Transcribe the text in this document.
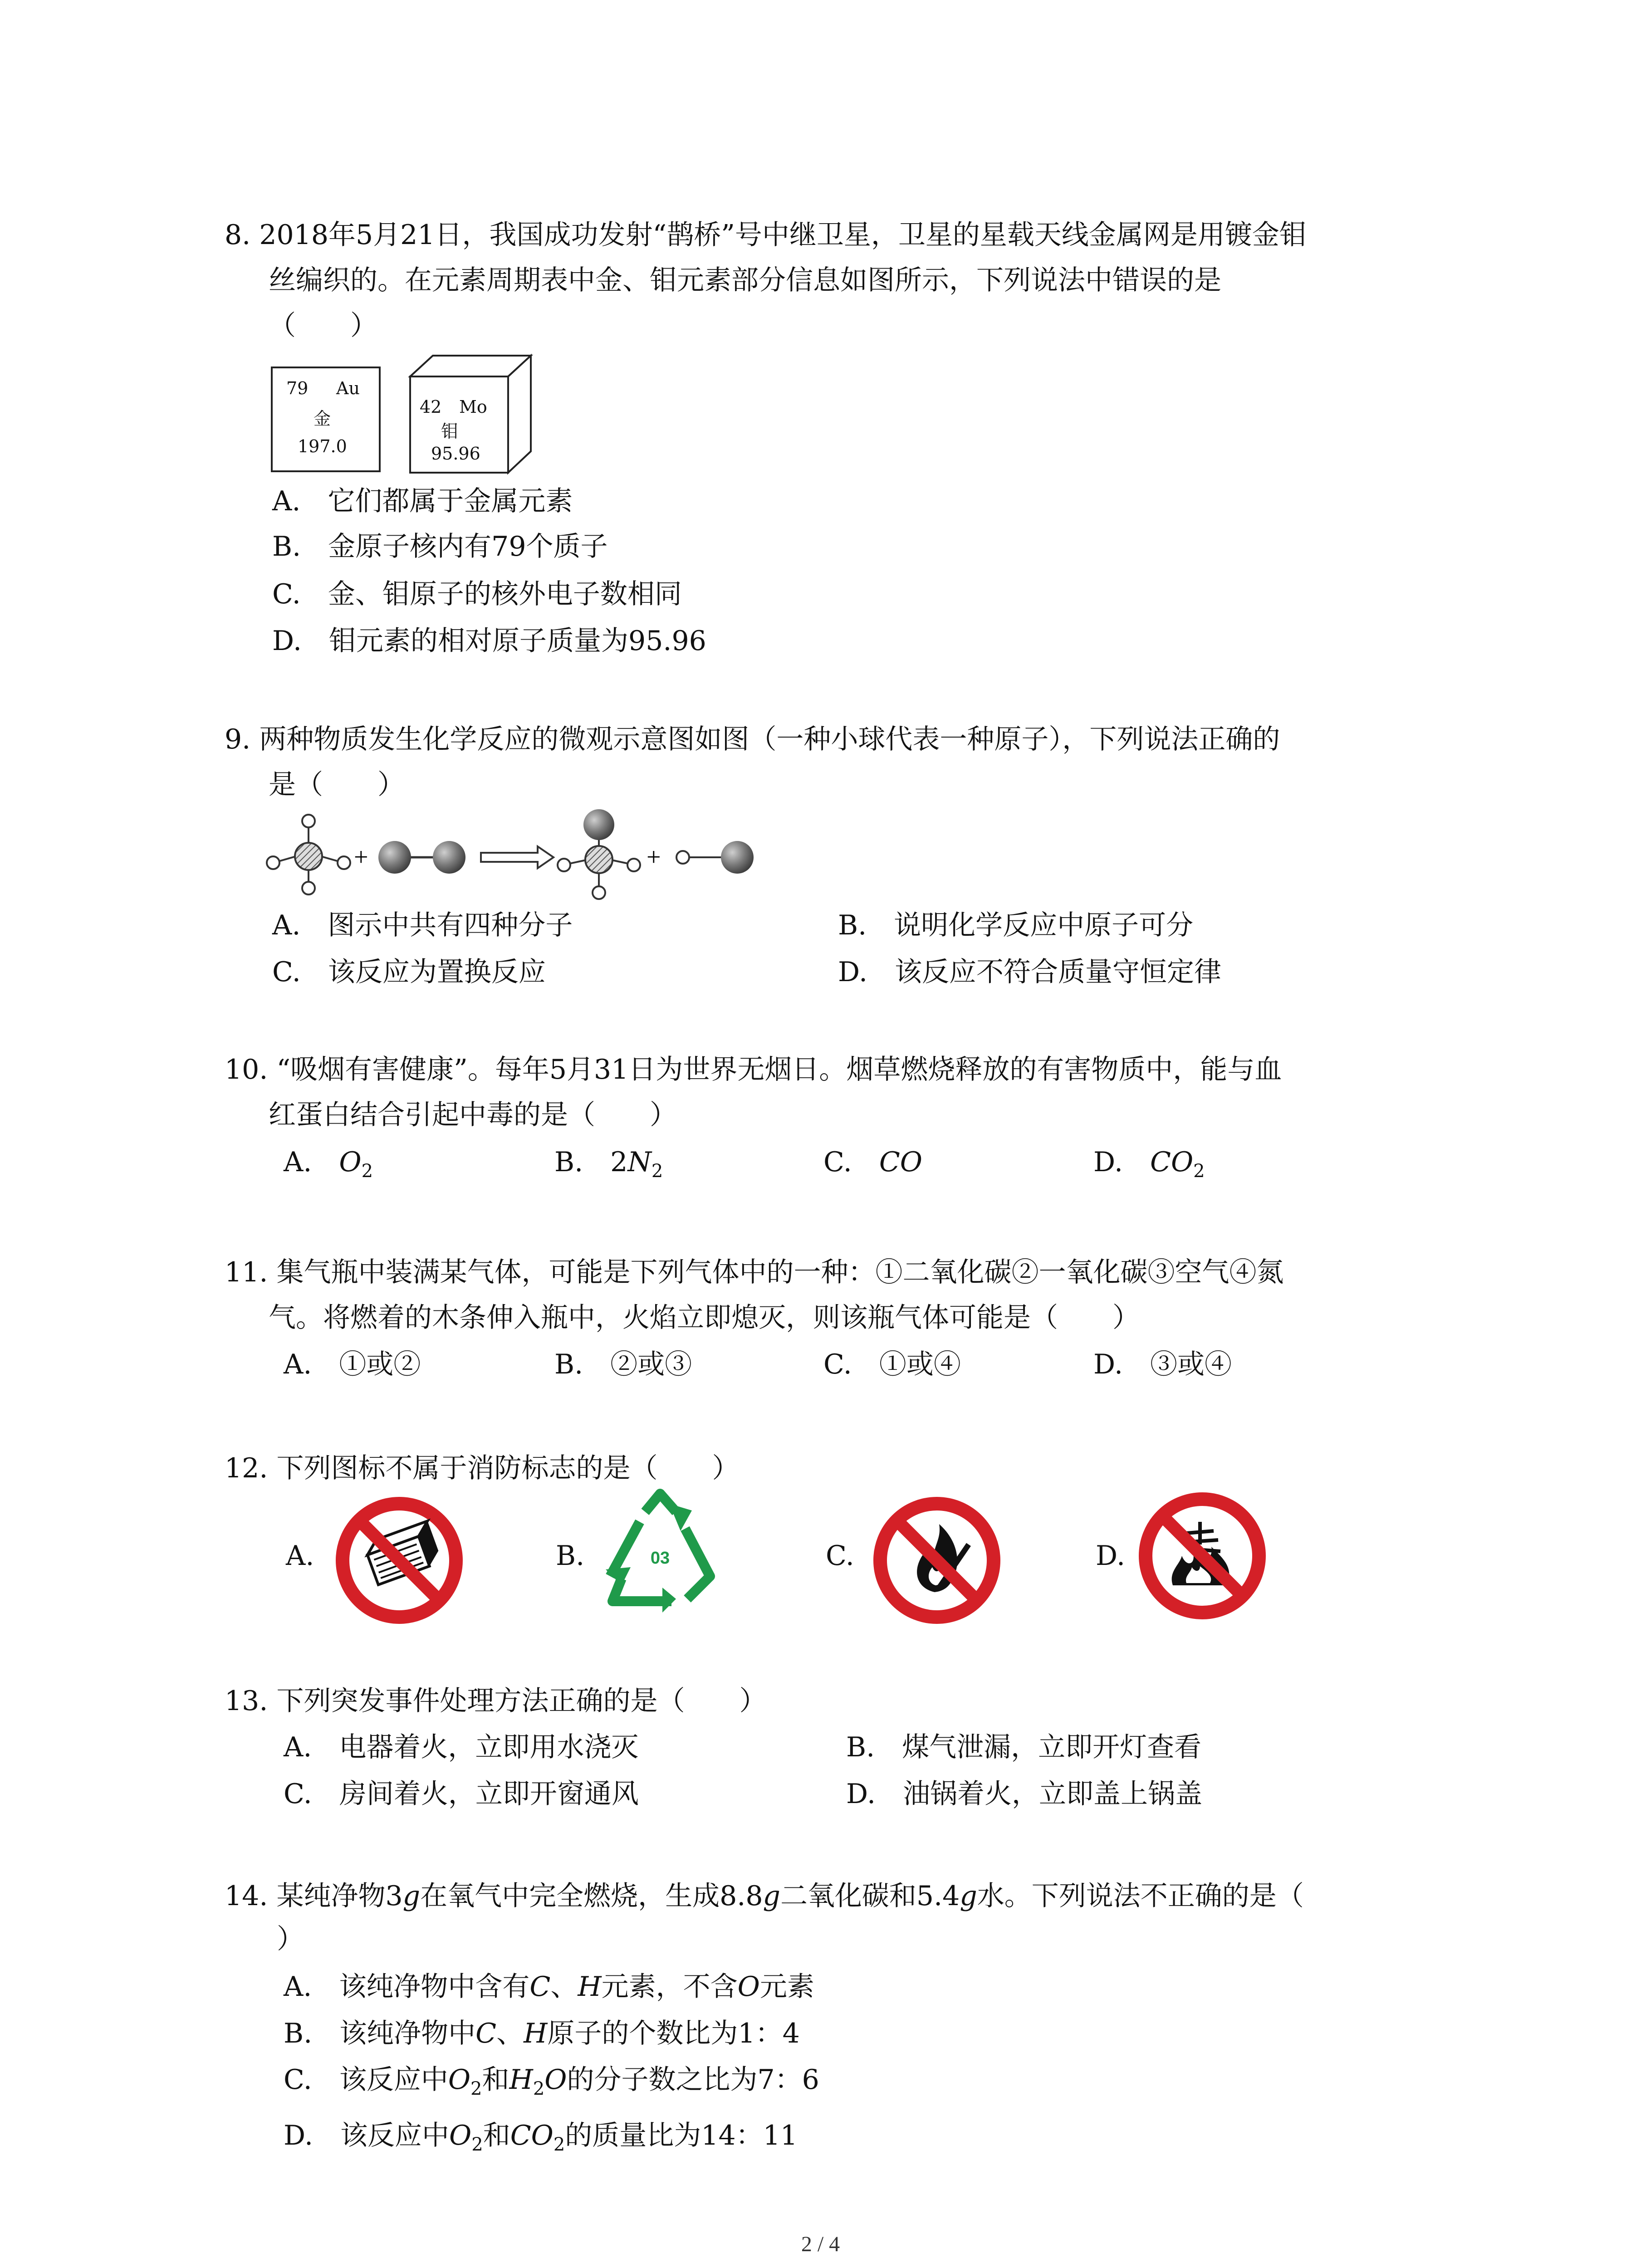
8. 2018年5月21日，我国成功发射“鹊桥”号中继卫星，卫星的星载天线金属网是用镀金钼
丝编织的。在元素周期表中金、钼元素部分信息如图所示，下列说法中错误的是
（　　）
79 Au
金
197.0
42 Mo
钼
95.96
A.　它们都属于金属元素
B.　金原子核内有79个质子
C.　金、钼原子的核外电子数相同
D.　钼元素的相对原子质量为95.96
9. 两种物质发生化学反应的微观示意图如图（一种小球代表一种原子），下列说法正确的
是（　　）
+	+
A.　图示中共有四种分子	B.　说明化学反应中原子可分
C.　该反应为置换反应	D.　该反应不符合质量守恒定律
10. “吸烟有害健康”。每年5月31日为世界无烟日。烟草燃烧释放的有害物质中，能与血
红蛋白结合引起中毒的是（　　）
A.　 $O_2$	B.　 $2N_2$	C.　 CO	D.　 $CO_2$
11. 集气瓶中装满某气体，可能是下列气体中的一种：①二氧化碳②一氧化碳③空气④氮
气。将燃着的木条伸入瓶中，火焰立即熄灭，则该瓶气体可能是（　　）
A.　①或②	B.　②或③	C.　①或④	D.　③或④
12. 下列图标不属于消防标志的是（　　）
A.	B.	C.	D.
03
13. 下列突发事件处理方法正确的是（　　）
A.　电器着火，立即用水浇灭	B.　煤气泄漏，立即开灯查看
C.　房间着火，立即开窗通风	D.　油锅着火，立即盖上锅盖
14. 某纯净物3g在氧气中完全燃烧，生成8.8g二氧化碳和5.4g水。下列说法不正确的是（
）
A.　该纯净物中含有C、H元素，不含O元素
B.　该纯净物中C、H原子的个数比为1：4
C.　该反应中$O_2$和$H_2O$的分子数之比为7：6
D.　该反应中$O_2$和$CO_2$的质量比为14：11
2 / 4
